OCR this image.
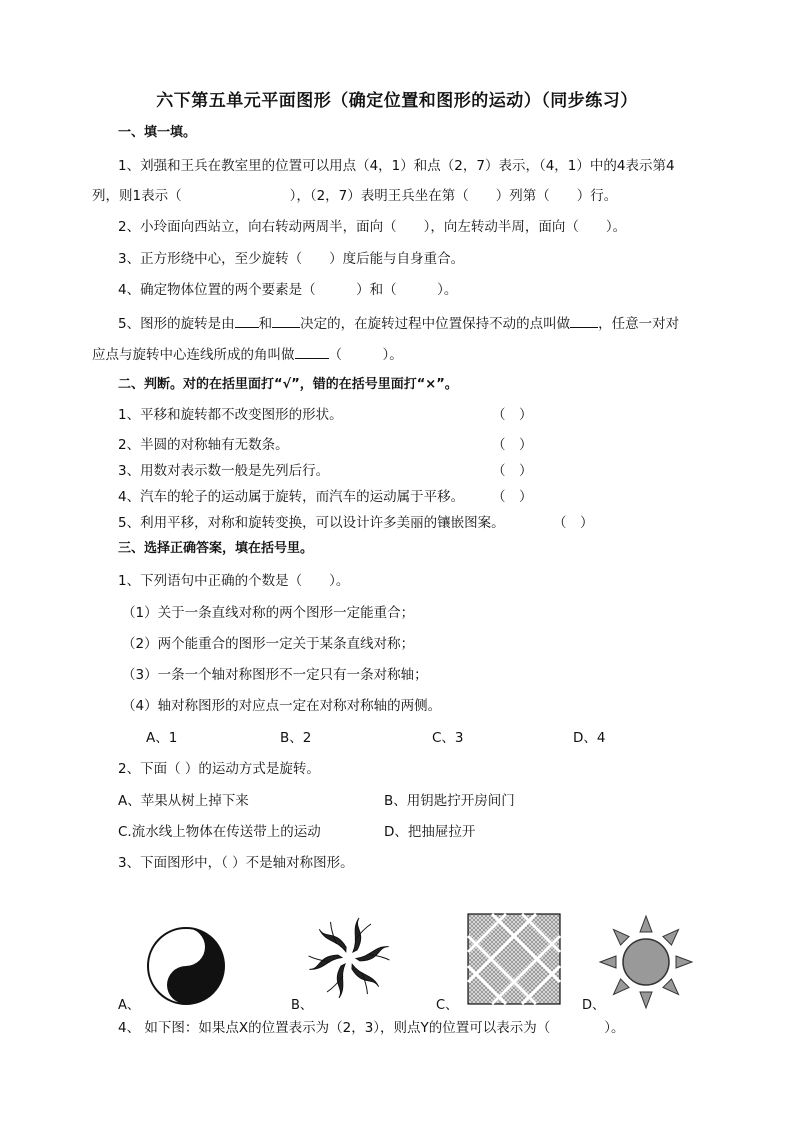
六下第五单元平面图形（确定位置和图形的运动）（同步练习）
一、填一填。
1、刘强和王兵在教室里的位置可以用点（4，1）和点（2，7）表示，（4，1）中的4表示第4
列，则1表示（　　　　　　　　），（2，7）表明王兵坐在第（　　）列第（　　）行。
2、小玲面向西站立，向右转动两周半，面向（　　），向左转动半周，面向（　　）。
3、正方形绕中心，至少旋转（　　）度后能与自身重合。
4、确定物体位置的两个要素是（　　　）和（　　　）。
5、图形的旋转是由 和 决定的，在旋转过程中位置保持不动的点叫做 ，任意一对对
应点与旋转中心连线所成的角叫做	（　　　）。
二、判断。对的在括里面打“√”，错的在括号里面打“×”。
1、平移和旋转都不改变图形的形状。	（　）
2、半圆的对称轴有无数条。	（　）
3、用数对表示数一般是先列后行。	（　）
4、汽车的轮子的运动属于旋转，而汽车的运动属于平移。 （　）
5、利用平移，对称和旋转变换，可以设计许多美丽的镶嵌图案。	（　）
三、选择正确答案，填在括号里。
1、下列语句中正确的个数是（　　）。
（1）关于一条直线对称的两个图形一定能重合；
（2）两个能重合的图形一定关于某条直线对称；
（3）一条一个轴对称图形不一定只有一条对称轴；
（4）轴对称图形的对应点一定在对称对称轴的两侧。
A、1	B、2	C、3	D、4
2、下面（ ）的运动方式是旋转。
A、苹果从树上掉下来	B、用钥匙拧开房间门
C.流水线上物体在传送带上的运动	D、把抽屉拉开
3、下面图形中，（ ）不是轴对称图形。
A、	B、	C、	D、
4、 如下图：如果点X的位置表示为（2，3），则点Y的位置可以表示为（　　　　）。
